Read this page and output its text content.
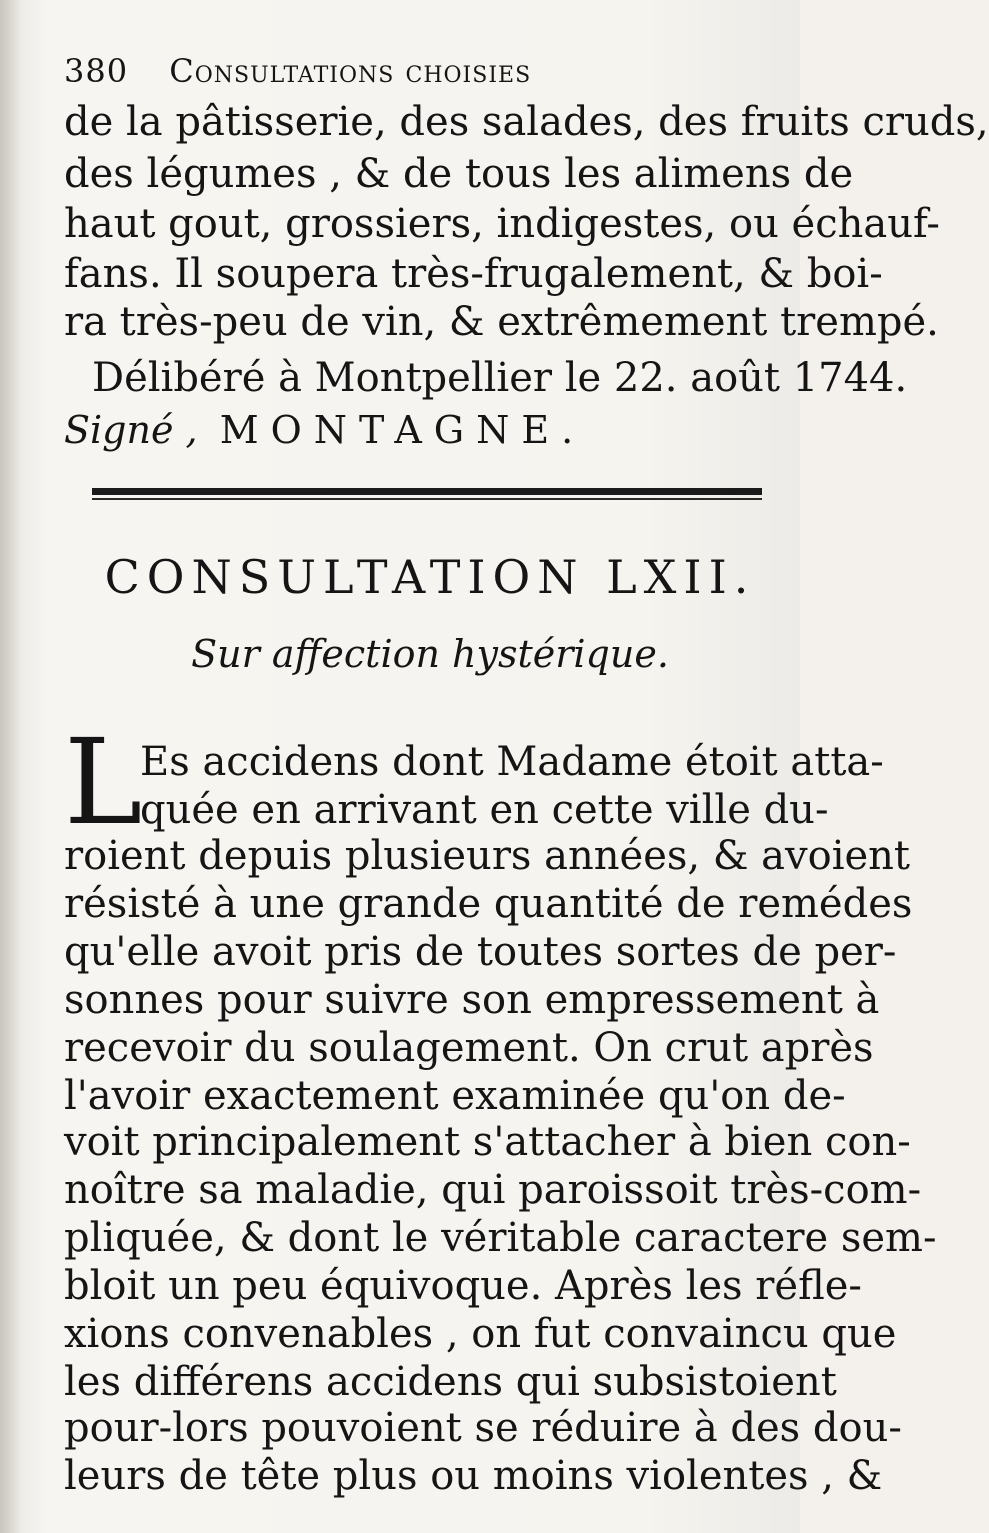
380 Consultations choisies
de la pâtisserie, des salades, des fruits cruds,
des légumes , & de tous les alimens de
haut gout, grossiers, indigestes, ou échauf-
fans. Il soupera très-frugalement, & boi-
ra très-peu de vin, & extrêmement trempé.
Délibéré à Montpellier le 22. août 1744.
Signé , MONTAGNE.
CONSULTATION LXII.
Sur affection hystérique.
L
Es accidens dont Madame étoit atta-
quée en arrivant en cette ville du-
roient depuis plusieurs années, & avoient
résisté à une grande quantité de remédes
qu'elle avoit pris de toutes sortes de per-
sonnes pour suivre son empressement à
recevoir du soulagement. On crut après
l'avoir exactement examinée qu'on de-
voit principalement s'attacher à bien con-
noître sa maladie, qui paroissoit très-com-
pliquée, & dont le véritable caractere sem-
bloit un peu équivoque. Après les réfle-
xions convenables , on fut convaincu que
les différens accidens qui subsistoient
pour-lors pouvoient se réduire à des dou-
leurs de tête plus ou moins violentes , &
